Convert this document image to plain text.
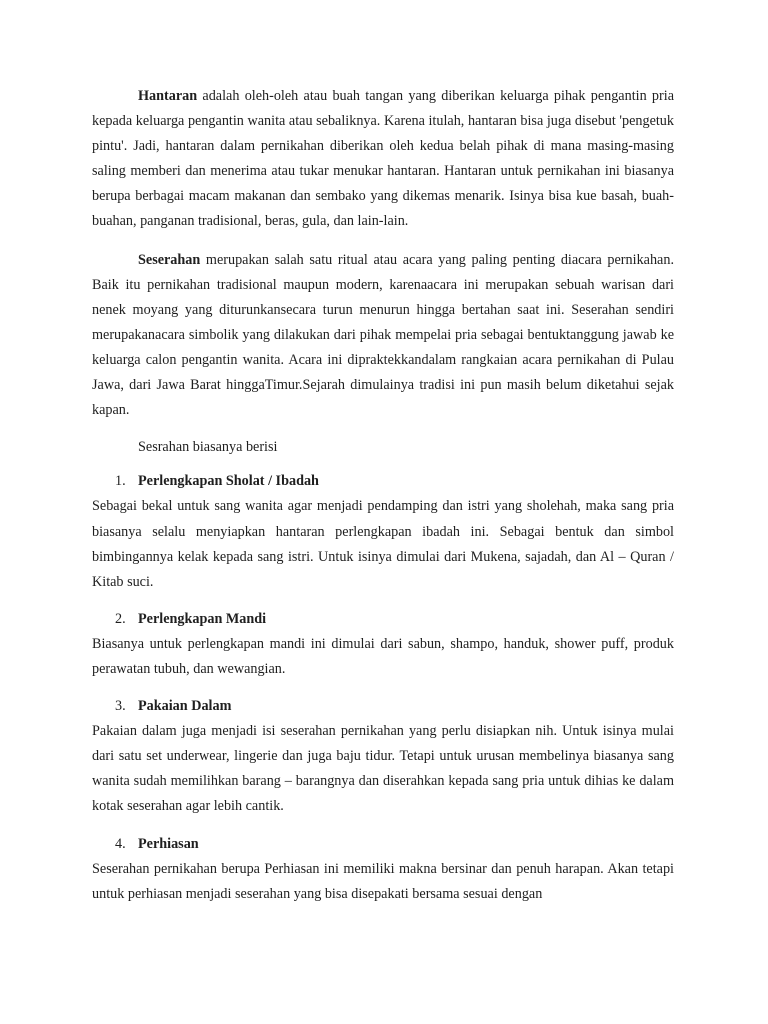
Hantaran adalah oleh-oleh atau buah tangan yang diberikan keluarga pihak pengantin pria kepada keluarga pengantin wanita atau sebaliknya. Karena itulah, hantaran bisa juga disebut 'pengetuk pintu'. Jadi, hantaran dalam pernikahan diberikan oleh kedua belah pihak di mana masing-masing saling memberi dan menerima atau tukar menukar hantaran. Hantaran untuk pernikahan ini biasanya berupa berbagai macam makanan dan sembako yang dikemas menarik. Isinya bisa kue basah, buah-buahan, panganan tradisional, beras, gula, dan lain-lain.

Seserahan merupakan salah satu ritual atau acara yang paling penting diacara pernikahan. Baik itu pernikahan tradisional maupun modern, karenaacara ini merupakan sebuah warisan dari nenek moyang yang diturunkansecara turun menurun hingga bertahan saat ini. Seserahan sendiri merupakanacara simbolik yang dilakukan dari pihak mempelai pria sebagai bentuktanggung jawab ke keluarga calon pengantin wanita. Acara ini dipraktekkandalam rangkaian acara pernikahan di Pulau Jawa, dari Jawa Barat hinggaTimur.Sejarah dimulainya tradisi ini pun masih belum diketahui sejak kapan.

Sesrahan biasanya berisi

1. Perlengkapan Sholat / Ibadah

Sebagai bekal untuk sang wanita agar menjadi pendamping dan istri yang sholehah, maka sang pria biasanya selalu menyiapkan hantaran perlengkapan ibadah ini. Sebagai bentuk dan simbol bimbingannya kelak kepada sang istri. Untuk isinya dimulai dari Mukena, sajadah, dan Al – Quran / Kitab suci.

2. Perlengkapan Mandi

Biasanya untuk perlengkapan mandi ini dimulai dari sabun, shampo, handuk, shower puff, produk perawatan tubuh, dan wewangian.

3. Pakaian Dalam

Pakaian dalam juga menjadi isi seserahan pernikahan yang perlu disiapkan nih. Untuk isinya mulai dari satu set underwear, lingerie dan juga baju tidur. Tetapi untuk urusan membelinya biasanya sang wanita sudah memilihkan barang – barangnya dan diserahkan kepada sang pria untuk dihias ke dalam kotak seserahan agar lebih cantik.

4. Perhiasan

Seserahan pernikahan berupa Perhiasan ini memiliki makna bersinar dan penuh harapan. Akan tetapi untuk perhiasan menjadi seserahan yang bisa disepakati bersama sesuai dengan
